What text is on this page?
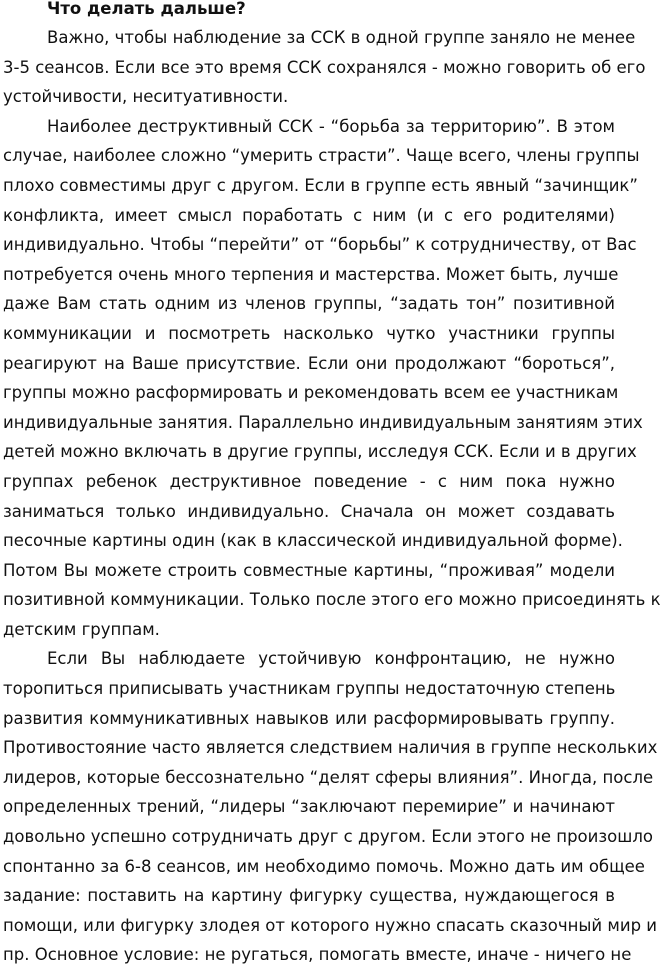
Что делать дальше?

Важно, чтобы наблюдение за ССК в одной группе заняло не менее
3-5 сеансов. Если все это время ССК сохранялся - можно говорить об его
устойчивости, неситуативности.

Наиболее деструктивный ССК - “борьба за территорию”. В этом
случае, наиболее сложно “умерить страсти”. Чаще всего, члены группы
плохо совместимы друг с другом. Если в группе есть явный “зачинщик”
конфликта, имеет смысл поработать с ним (и с его родителями)
индивидуально. Чтобы “перейти” от “борьбы” к сотрудничеству, от Вас
потребуется очень много терпения и мастерства. Может быть, лучше
даже Вам стать одним из членов группы, “задать тон” позитивной
коммуникации и посмотреть насколько чутко участники группы
реагируют на Ваше присутствие. Если они продолжают “бороться”,
группы можно расформировать и рекомендовать всем ее участникам
индивидуальные занятия. Параллельно индивидуальным занятиям этих
детей можно включать в другие группы, исследуя ССК. Если и в других
группах ребенок деструктивное поведение - с ним пока нужно
заниматься только индивидуально. Сначала он может создавать
песочные картины один (как в классической индивидуальной форме).
Потом Вы можете строить совместные картины, “проживая” модели
позитивной коммуникации. Только после этого его можно присоединять к
детским группам.

Если Вы наблюдаете устойчивую конфронтацию, не нужно
торопиться приписывать участникам группы недостаточную степень
развития коммуникативных навыков или расформировывать группу.
Противостояние часто является следствием наличия в группе нескольких
лидеров, которые бессознательно “делят сферы влияния”. Иногда, после
определенных трений, “лидеры “заключают перемирие” и начинают
довольно успешно сотрудничать друг с другом. Если этого не произошло
спонтанно за 6-8 сеансов, им необходимо помочь. Можно дать им общее
задание: поставить на картину фигурку существа, нуждающегося в
помощи, или фигурку злодея от которого нужно спасать сказочный мир и
пр. Основное условие: не ругаться, помогать вместе, иначе - ничего не
